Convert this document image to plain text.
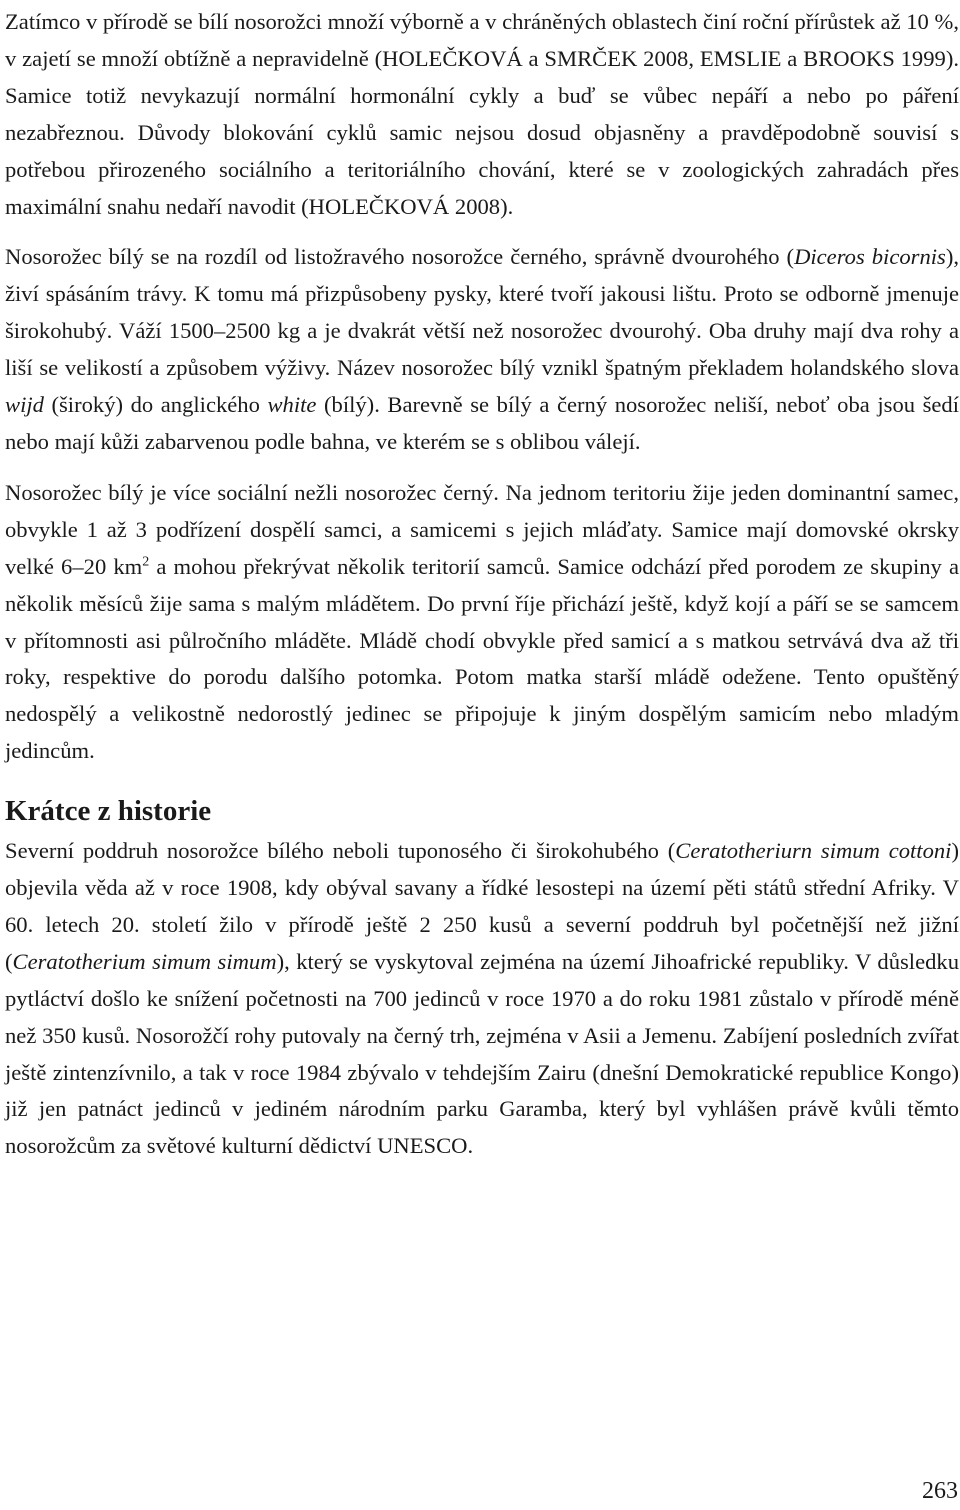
Zatímco v přírodě se bílí nosorožci množí výborně a v chráněných oblastech činí roční přírůstek až 10 %, v zajetí se množí obtížně a nepravidelně (HOLEČKOVÁ a SMRČEK 2008, EMSLIE a BROOKS 1999). Samice totiž nevykazují normální hormonální cykly a buď se vůbec nepáří a nebo po páření nezabřeznou. Důvody blokování cyklů samic nejsou dosud objasněny a pravděpodobně souvisí s potřebou přirozeného sociálního a teritoriálního chování, které se v zoologických zahradách přes maximální snahu nedaří navodit (HOLEČKOVÁ 2008).

Nosorožec bílý se na rozdíl od listožravého nosorožce černého, správně dvourohého (Diceros bicornis), živí spásáním trávy. K tomu má přizpůsobeny pysky, které tvoří jakousi lištu. Proto se odborně jmenuje širokohubý. Váží 1500–2500 kg a je dvakrát větší než nosorožec dvourohý. Oba druhy mají dva rohy a liší se velikostí a způsobem výživy. Název nosorožec bílý vznikl špatným překladem holandského slova wijd (široký) do anglického white (bílý). Barevně se bílý a černý nosorožec neliší, neboť oba jsou šedí nebo mají kůži zabarvenou podle bahna, ve kterém se s oblibou válejí.

Nosorožec bílý je více sociální nežli nosorožec černý. Na jednom teritoriu žije jeden dominantní samec, obvykle 1 až 3 podřízení dospělí samci, a samicemi s jejich mláďaty. Samice mají domovské okrsky velké 6–20 $km^2$ a mohou překrývat několik teritorií samců. Samice odchází před porodem ze skupiny a několik měsíců žije sama s malým mládětem. Do první říje přichází ještě, když kojí a páří se se samcem v přítomnosti asi půlročního mláděte. Mládě chodí obvykle před samicí a s matkou setrvává dva až tři roky, respektive do porodu dalšího potomka. Potom matka starší mládě odežene. Tento opuštěný nedospělý a velikostně nedorostlý jedinec se připojuje k jiným dospělým samicím nebo mladým jedincům.

Krátce z historie

Severní poddruh nosorožce bílého neboli tuponosého či širokohubého (Ceratotheriurn simum cottoni) objevila věda až v roce 1908, kdy obýval savany a řídké lesostepi na území pěti států střední Afriky. V 60. letech 20. století žilo v přírodě ještě 2 250 kusů a severní poddruh byl početnější než jižní (Ceratotherium simum simum), který se vyskytoval zejména na území Jihoafrické republiky. V důsledku pytláctví došlo ke snížení početnosti na 700 jedinců v roce 1970 a do roku 1981 zůstalo v přírodě méně než 350 kusů. Nosorožčí rohy putovaly na černý trh, zejména v Asii a Jemenu. Zabíjení posledních zvířat ještě zintenzívnilo, a tak v roce 1984 zbývalo v tehdejším Zairu (dnešní Demokratické republice Kongo) již jen patnáct jedinců v jediném národním parku Garamba, který byl vyhlášen právě kvůli těmto nosorožcům za světové kulturní dědictví UNESCO.

263
